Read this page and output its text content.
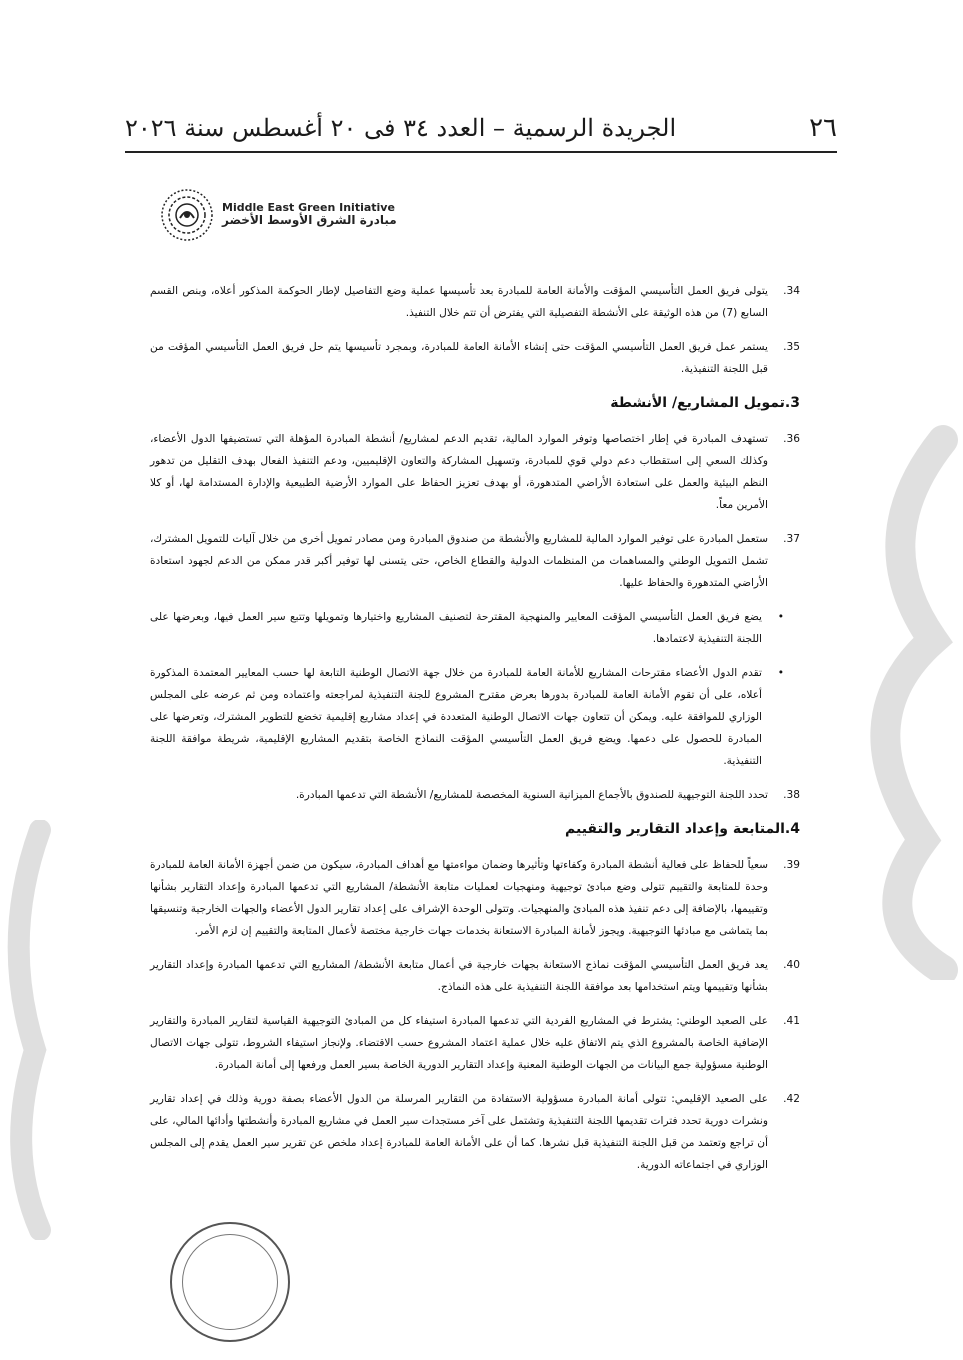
٢٦
الجريدة الرسمية – العدد ٣٤ فى ٢٠ أغسطس سنة ٢٠٢٦
Middle East Green Initiative
مبادرة الشرق الأوسط الأخضر
34.
يتولى فريق العمل التأسيسي المؤقت والأمانة العامة للمبادرة بعد تأسيسها عملية وضع التفاصيل لإطار الحوكمة المذكور أعلاه، وبنص القسم السابع (7) من هذه الوثيقة على الأنشطة التفصيلية التي يفترض أن تتم خلال التنفيذ.
35.
يستمر عمل فريق العمل التأسيسي المؤقت حتى إنشاء الأمانة العامة للمبادرة، وبمجرد تأسيسها يتم حل فريق العمل التأسيسي المؤقت من قبل اللجنة التنفيذية.
3.تمويل المشاريع/ الأنشطة
36.
تستهدف المبادرة في إطار اختصاصها وتوفر الموارد المالية، تقديم الدعم لمشاريع/ أنشطة المبادرة المؤهلة التي تستضيفها الدول الأعضاء، وكذلك السعي إلى استقطاب دعم دولي قوي للمبادرة، وتسهيل المشاركة والتعاون الإقليميين، ودعم التنفيذ الفعال بهدف التقليل من تدهور النظم البيئية والعمل على استعادة الأراضي المتدهورة، أو بهدف تعزيز الحفاظ على الموارد الأرضية الطبيعية والإدارة المستدامة لها، أو كلا الأمرين معاً.
37.
ستعمل المبادرة على توفير الموارد المالية للمشاريع والأنشطة من صندوق المبادرة ومن مصادر تمويل أخرى من خلال آليات للتمويل المشترك، تشمل التمويل الوطني والمساهمات من المنظمات الدولية والقطاع الخاص، حتى يتسنى لها توفير أكبر قدر ممكن من الدعم لجهود استعادة الأراضي المتدهورة والحفاظ عليها.
•
يضع فريق العمل التأسيسي المؤقت المعايير والمنهجية المقترحة لتصنيف المشاريع واختيارها وتمويلها وتتبع سير العمل فيها، وبعرضها على اللجنة التنفيذية لاعتمادها.
•
تقدم الدول الأعضاء مقترحات المشاريع للأمانة العامة للمبادرة من خلال جهة الاتصال الوطنية التابعة لها حسب المعايير المعتمدة المذكورة أعلاه، على أن تقوم الأمانة العامة للمبادرة بدورها بعرض مقترح المشروع للجنة التنفيذية لمراجعته واعتماده ومن ثم عرضه على المجلس الوزاري للموافقة عليه. ويمكن أن تتعاون جهات الاتصال الوطنية المتعددة في إعداد مشاريع إقليمية تخضع للتطوير المشترك، وتعرضها على المبادرة للحصول على دعمها. ويضع فريق العمل التأسيسي المؤقت النماذج الخاصة بتقديم المشاريع الإقليمية، شريطة موافقة اللجنة التنفيذية.
38.
تحدد اللجنة التوجيهية للصندوق بالأجماع الميزانية السنوية المخصصة للمشاريع/ الأنشطة التي تدعمها المبادرة.
4.المتابعة وإعداد التقارير والتقييم
39.
سعياً للحفاظ على فعالية أنشطة المبادرة وكفاءتها وتأثيرها وضمان مواءمتها مع أهداف المبادرة، سيكون من ضمن أجهزة الأمانة العامة للمبادرة وحدة للمتابعة والتقييم تتولى وضع مبادئ توجيهية ومنهجيات لعمليات متابعة الأنشطة/ المشاريع التي تدعمها المبادرة وإعداد التقارير بشأنها وتقييمها، بالإضافة إلى دعم تنفيذ هذه المبادئ والمنهجيات. وتتولى الوحدة الإشراف على إعداد تقارير الدول الأعضاء والجهات الخارجية وتنسيقها بما يتماشى مع مبادئها التوجيهية. ويجوز لأمانة المبادرة الاستعانة بخدمات جهات خارجية مختصة لأعمال المتابعة والتقييم إن لزم الأمر.
40.
يعد فريق العمل التأسيسي المؤقت نماذج الاستعانة بجهات خارجية في أعمال متابعة الأنشطة/ المشاريع التي تدعمها المبادرة وإعداد التقارير بشأنها وتقييمها ويتم استخدامها بعد موافقة اللجنة التنفيذية على هذه النماذج.
41.
على الصعيد الوطني: يشترط في المشاريع الفردية التي تدعمها المبادرة استيفاء كل من المبادئ التوجيهية القياسية لتقارير المبادرة والتقارير الإضافية الخاصة بالمشروع الذي يتم الاتفاق عليه خلال عملية اعتماد المشروع حسب الاقتضاء. ولإنجاز استيفاء الشروط، تتولى جهات الاتصال الوطنية مسؤولية جمع البيانات من الجهات الوطنية المعنية وإعداد التقارير الدورية الخاصة بسير العمل ورفعها إلى أمانة المبادرة.
42.
على الصعيد الإقليمي: تتولى أمانة المبادرة مسؤولية الاستفادة من التقارير المرسلة من الدول الأعضاء بصفة دورية وذلك في إعداد تقارير ونشرات دورية تحدد فترات تقديمها اللجنة التنفيذية وتشتمل على آخر مستجدات سير العمل في مشاريع المبادرة وأنشطتها وأدائها المالي، على أن تراجع وتعتمد من قبل اللجنة التنفيذية قبل نشرها. كما أن على الأمانة العامة للمبادرة إعداد ملخص عن تقرير سير العمل يقدم إلى المجلس الوزاري في اجتماعاته الدورية.
